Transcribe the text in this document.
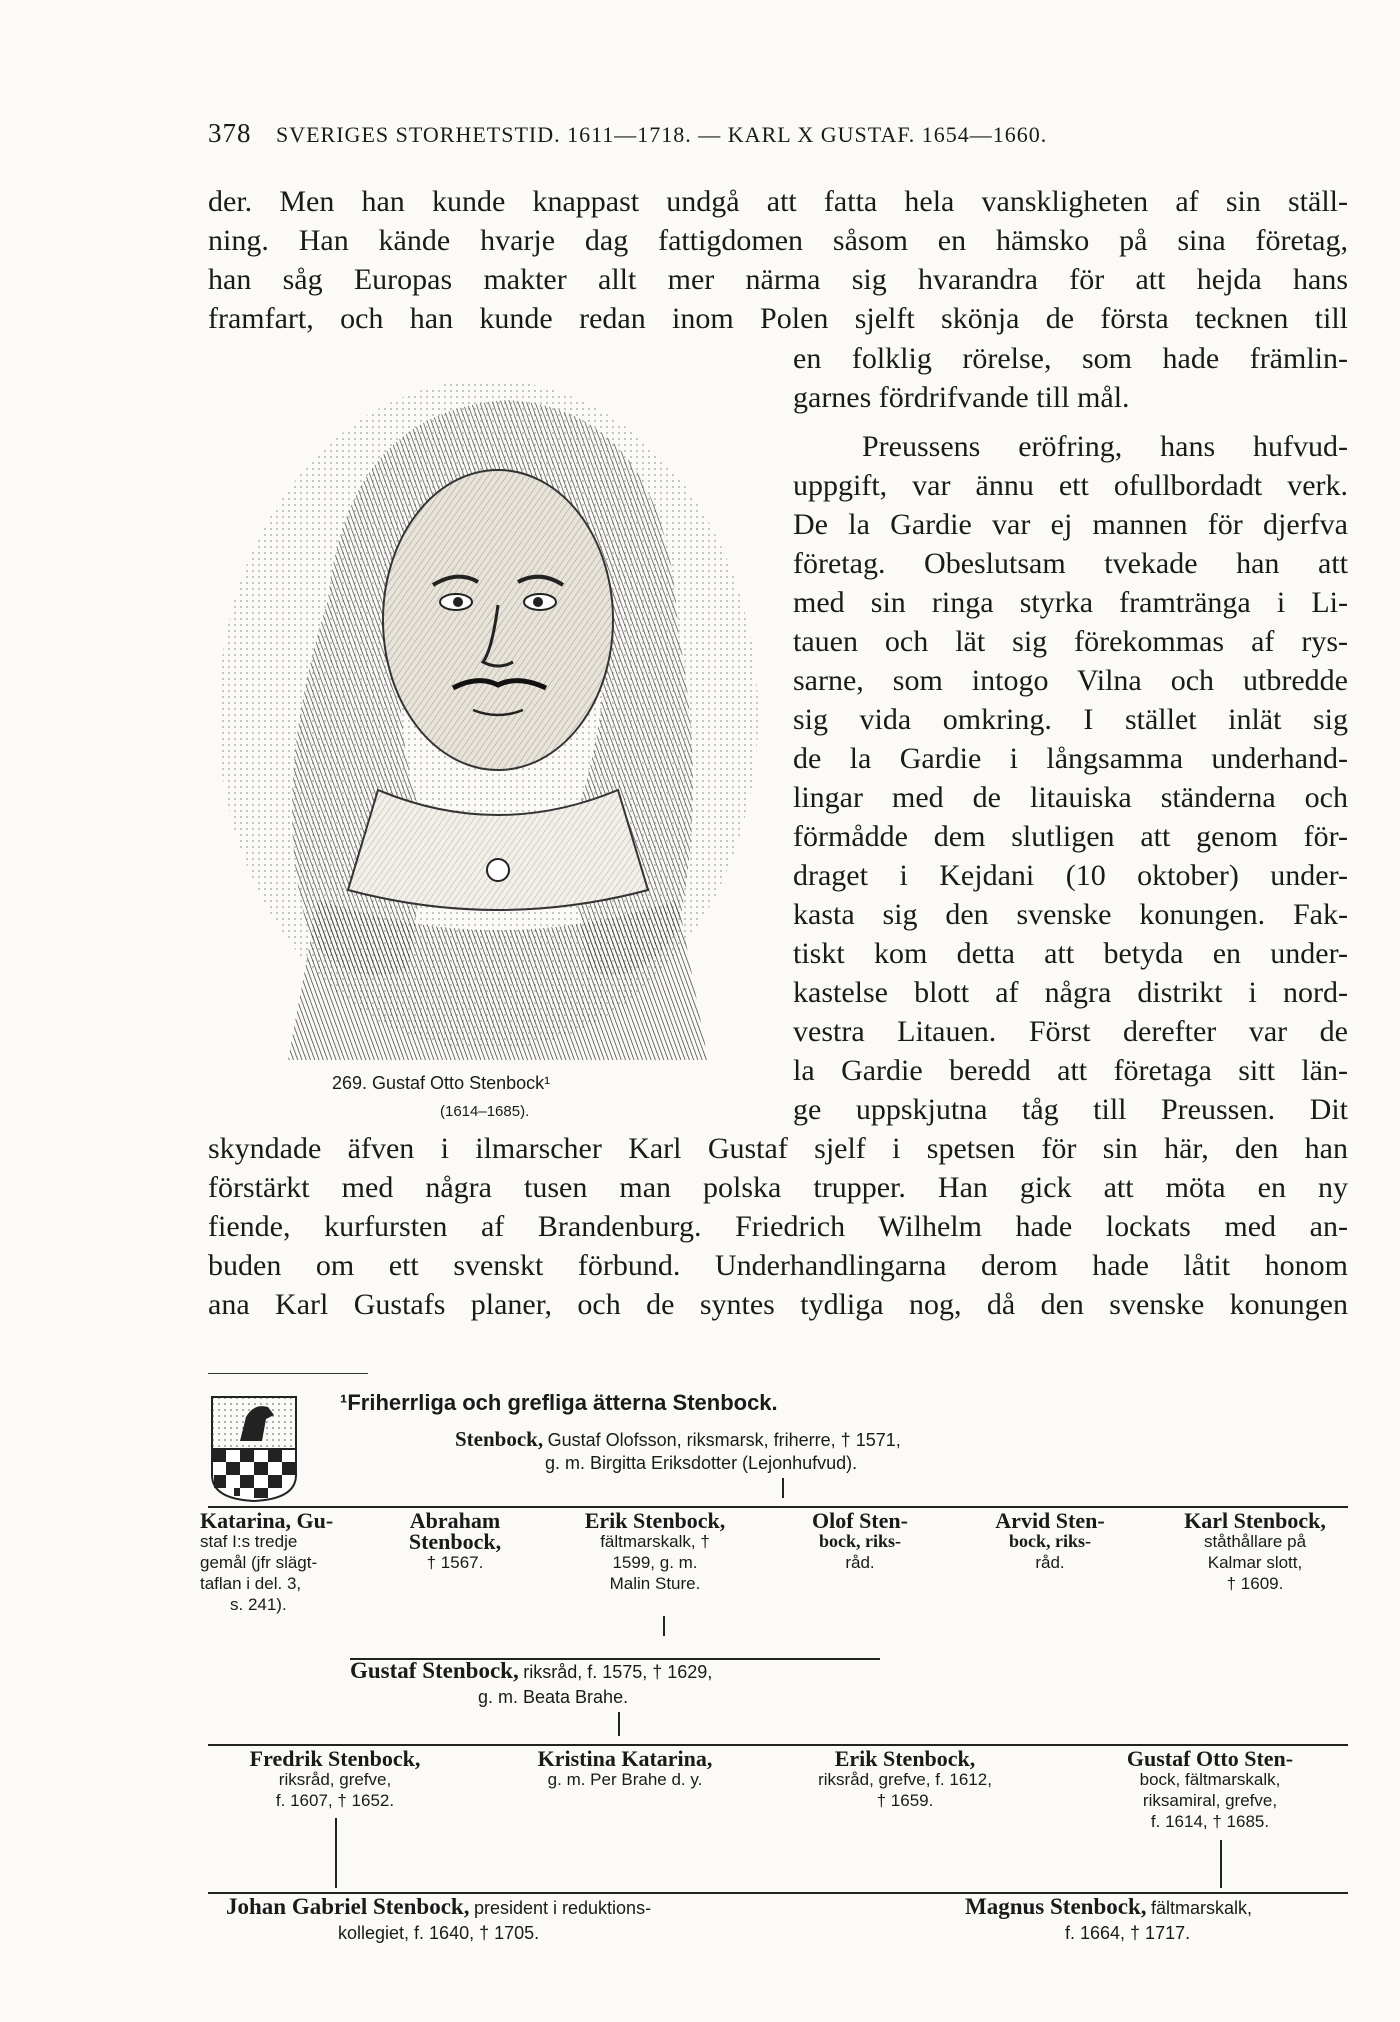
378 SVERIGES STORHETSTID. 1611—1718. — KARL X GUSTAF. 1654—1660.
der. Men han kunde knappast undgå att fatta hela vanskligheten af sin ställ-
ning. Han kände hvarje dag fattigdomen såsom en hämsko på sina företag,
han såg Europas makter allt mer närma sig hvarandra för att hejda hans
framfart, och han kunde redan inom Polen sjelft skönja de första tecknen till
269. Gustaf Otto Stenbock¹
(1614–1685).
en folklig rörelse, som hade främlin-
garnes fördrifvande till mål.
Preussens eröfring, hans hufvud-
uppgift, var ännu ett ofullbordadt verk.
De la Gardie var ej mannen för djerfva
företag. Obeslutsam tvekade han att
med sin ringa styrka framtränga i Li-
tauen och lät sig förekommas af rys-
sarne, som intogo Vilna och utbredde
sig vida omkring. I stället inlät sig
de la Gardie i långsamma underhand-
lingar med de litauiska ständerna och
förmådde dem slutligen att genom för-
draget i Kejdani (10 oktober) under-
kasta sig den svenske konungen. Fak-
tiskt kom detta att betyda en under-
kastelse blott af några distrikt i nord-
vestra Litauen. Först derefter var de
la Gardie beredd att företaga sitt län-
ge uppskjutna tåg till Preussen. Dit
skyndade äfven i ilmarscher Karl Gustaf sjelf i spetsen för sin här, den han
förstärkt med några tusen man polska trupper. Han gick att möta en ny
fiende, kurfursten af Brandenburg. Friedrich Wilhelm hade lockats med an-
buden om ett svenskt förbund. Underhandlingarna derom hade låtit honom
ana Karl Gustafs planer, och de syntes tydliga nog, då den svenske konungen
¹Friherrliga och grefliga ätterna Stenbock.
Stenbock, Gustaf Olofsson, riksmarsk, friherre, † 1571,
g. m. Birgitta Eriksdotter (Lejonhufvud).
Katarina, Gu-
staf I:s tredje
gemål (jfr slägt-
taflan i del. 3,
s. 241).
Abraham
Stenbock,
† 1567.
Erik Stenbock,
fältmarskalk, †
1599, g. m.
Malin Sture.
Olof Sten-
bock, riks-
råd.
Arvid Sten-
bock, riks-
råd.
Karl Stenbock,
ståthållare på
Kalmar slott,
† 1609.
Gustaf Stenbock, riksråd, f. 1575, † 1629,
g. m. Beata Brahe.
Fredrik Stenbock,
riksråd, grefve,
f. 1607, † 1652.
Kristina Katarina,
g. m. Per Brahe d. y.
Erik Stenbock,
riksråd, grefve, f. 1612,
† 1659.
Gustaf Otto Sten-
bock, fältmarskalk,
riksamiral, grefve,
f. 1614, † 1685.
Johan Gabriel Stenbock, president i reduktions-
kollegiet, f. 1640, † 1705.
Magnus Stenbock, fältmarskalk,
f. 1664, † 1717.
